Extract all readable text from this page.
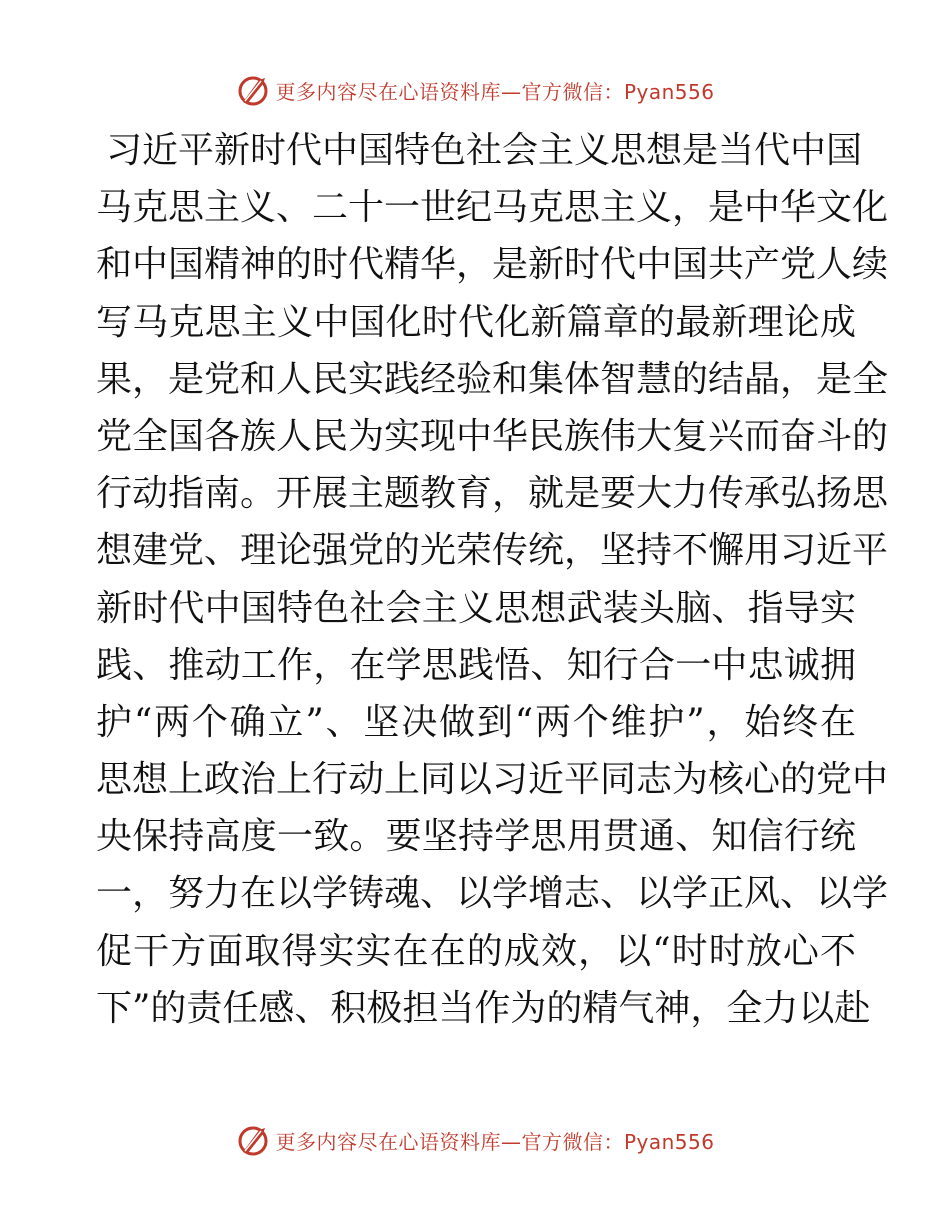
更多内容尽在心语资料库—官方微信：Pyan556
习近平新时代中国特色社会主义思想是当代中国
马克思主义、二十一世纪马克思主义，是中华文化
和中国精神的时代精华，是新时代中国共产党人续
写马克思主义中国化时代化新篇章的最新理论成
果，是党和人民实践经验和集体智慧的结晶，是全
党全国各族人民为实现中华民族伟大复兴而奋斗的
行动指南。开展主题教育，就是要大力传承弘扬思
想建党、理论强党的光荣传统，坚持不懈用习近平
新时代中国特色社会主义思想武装头脑、指导实
践、推动工作，在学思践悟、知行合一中忠诚拥
护“两个确立”、坚决做到“两个维护”，始终在
思想上政治上行动上同以习近平同志为核心的党中
央保持高度一致。要坚持学思用贯通、知信行统
一，努力在以学铸魂、以学增志、以学正风、以学
促干方面取得实实在在的成效，以“时时放心不
下”的责任感、积极担当作为的精气神，全力以赴
更多内容尽在心语资料库—官方微信：Pyan556
